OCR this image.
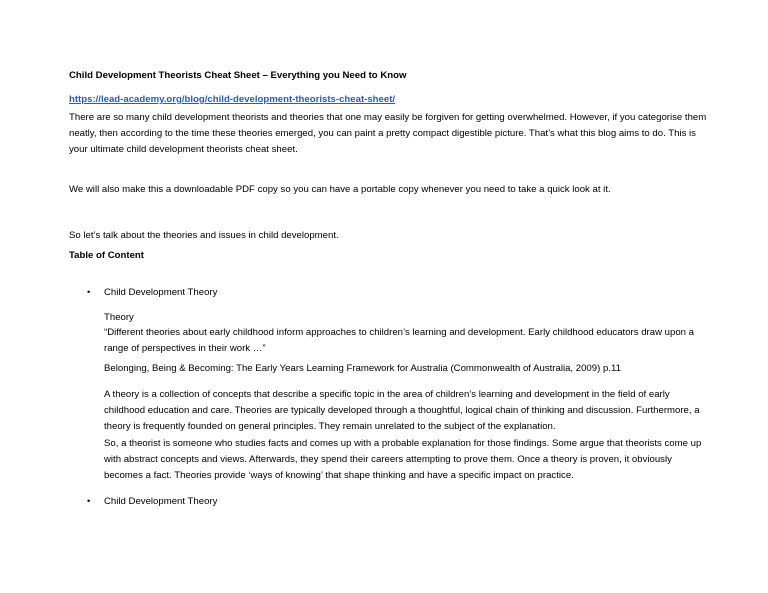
Child Development Theorists Cheat Sheet – Everything you Need to Know

https://lead-academy.org/blog/child-development-theorists-cheat-sheet/

There are so many child development theorists and theories that one may easily be forgiven for getting overwhelmed. However, if you categorise them neatly, then according to the time these theories emerged, you can paint a pretty compact digestible picture. That’s what this blog aims to do. This is your ultimate child development theorists cheat sheet.

We will also make this a downloadable PDF copy so you can have a portable copy whenever you need to take a quick look at it.

So let’s talk about the theories and issues in child development.

Table of Content

•	Child Development Theory

Theory

“Different theories about early childhood inform approaches to children’s learning and development. Early childhood educators draw upon a range of perspectives in their work …”

Belonging, Being & Becoming: The Early Years Learning Framework for Australia (Commonwealth of Australia, 2009) p.11

A theory is a collection of concepts that describe a specific topic in the area of children’s learning and development in the field of early childhood education and care. Theories are typically developed through a thoughtful, logical chain of thinking and discussion. Furthermore, a theory is frequently founded on general principles. They remain unrelated to the subject of the explanation.

So, a theorist is someone who studies facts and comes up with a probable explanation for those findings. Some argue that theorists come up with abstract concepts and views. Afterwards, they spend their careers attempting to prove them. Once a theory is proven, it obviously becomes a fact. Theories provide ‘ways of knowing’ that shape thinking and have a specific impact on practice.

•	Child Development Theory
